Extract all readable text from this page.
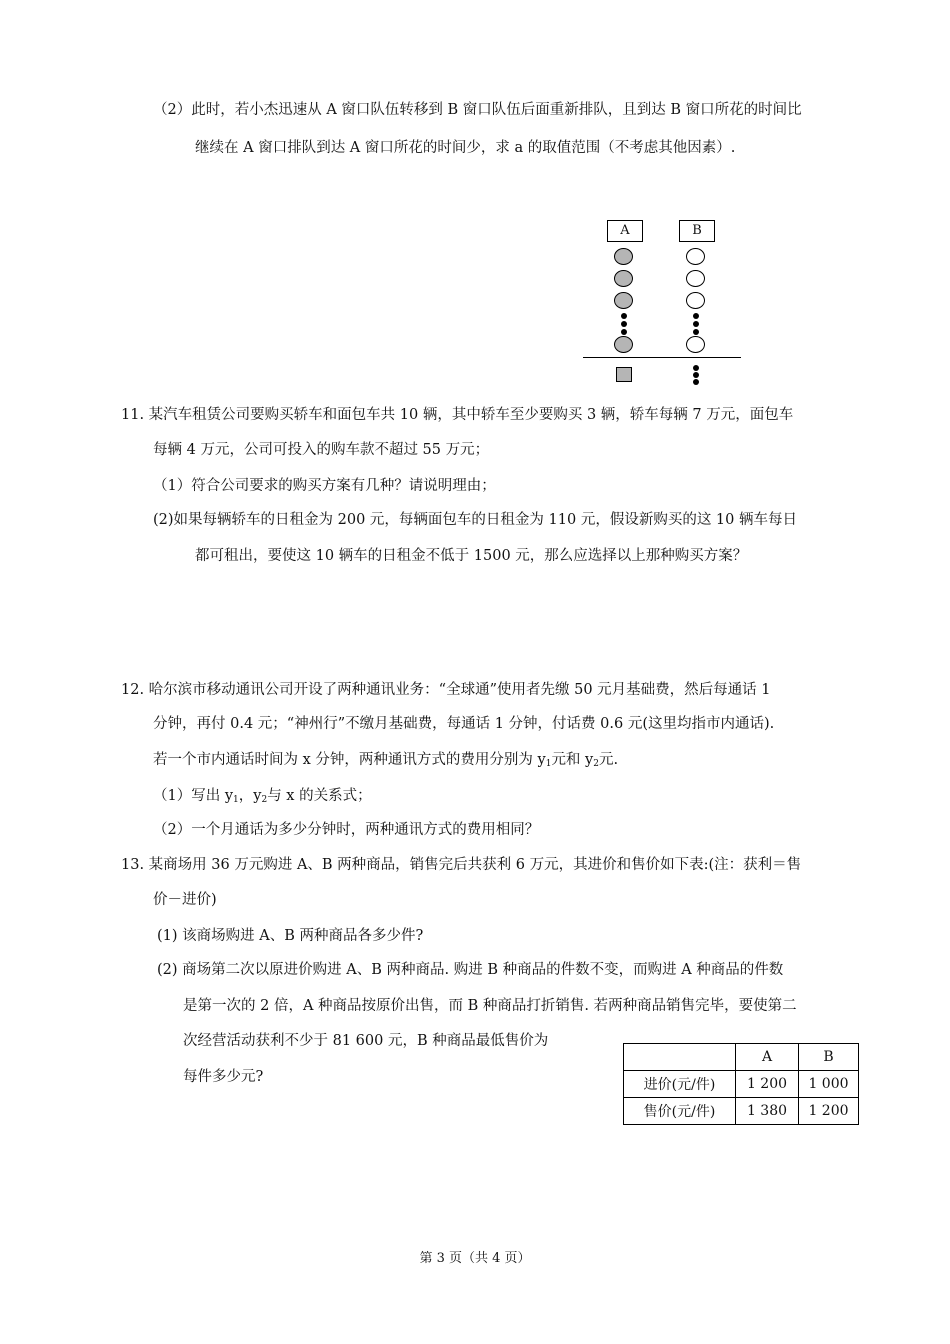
（2）此时，若小杰迅速从 A 窗口队伍转移到 B 窗口队伍后面重新排队，且到达 B 窗口所花的时间比
继续在 A 窗口排队到达 A 窗口所花的时间少，求 a 的取值范围（不考虑其他因素）.
A	B
11. 某汽车租赁公司要购买轿车和面包车共 10 辆，其中轿车至少要购买 3 辆，轿车每辆 7 万元，面包车
每辆 4 万元，公司可投入的购车款不超过 55 万元；
（1）符合公司要求的购买方案有几种？请说明理由；
(2)如果每辆轿车的日租金为 200 元，每辆面包车的日租金为 110 元，假设新购买的这 10 辆车每日
都可租出，要使这 10 辆车的日租金不低于 1500 元，那么应选择以上那种购买方案？
12. 哈尔滨市移动通讯公司开设了两种通讯业务：“全球通”使用者先缴 50 元月基础费，然后每通话 1
分钟，再付 0.4 元；“神州行”不缴月基础费，每通话 1 分钟，付话费 0.6 元(这里均指市内通话).
若一个市内通话时间为 x 分钟，两种通讯方式的费用分别为 $y_1$元和 $y_2$元.
（1）写出 $y_1$，$y_2$与 x 的关系式；
（2）一个月通话为多少分钟时，两种通讯方式的费用相同？
13. 某商场用 36 万元购进 A、B 两种商品，销售完后共获利 6 万元，其进价和售价如下表:(注：获利＝售
价－进价)
(1) 该商场购进 A、B 两种商品各多少件?
(2) 商场第二次以原进价购进 A、B 两种商品. 购进 B 种商品的件数不变，而购进 A 种商品的件数
是第一次的 2 倍，A 种商品按原价出售，而 B 种商品打折销售. 若两种商品销售完毕，要使第二
次经营活动获利不少于 81 600 元，B 种商品最低售价为
每件多少元?
	A	B
进价(元/件)	1 200	1 000
售价(元/件)	1 380	1 200
第 3 页（共 4 页）
